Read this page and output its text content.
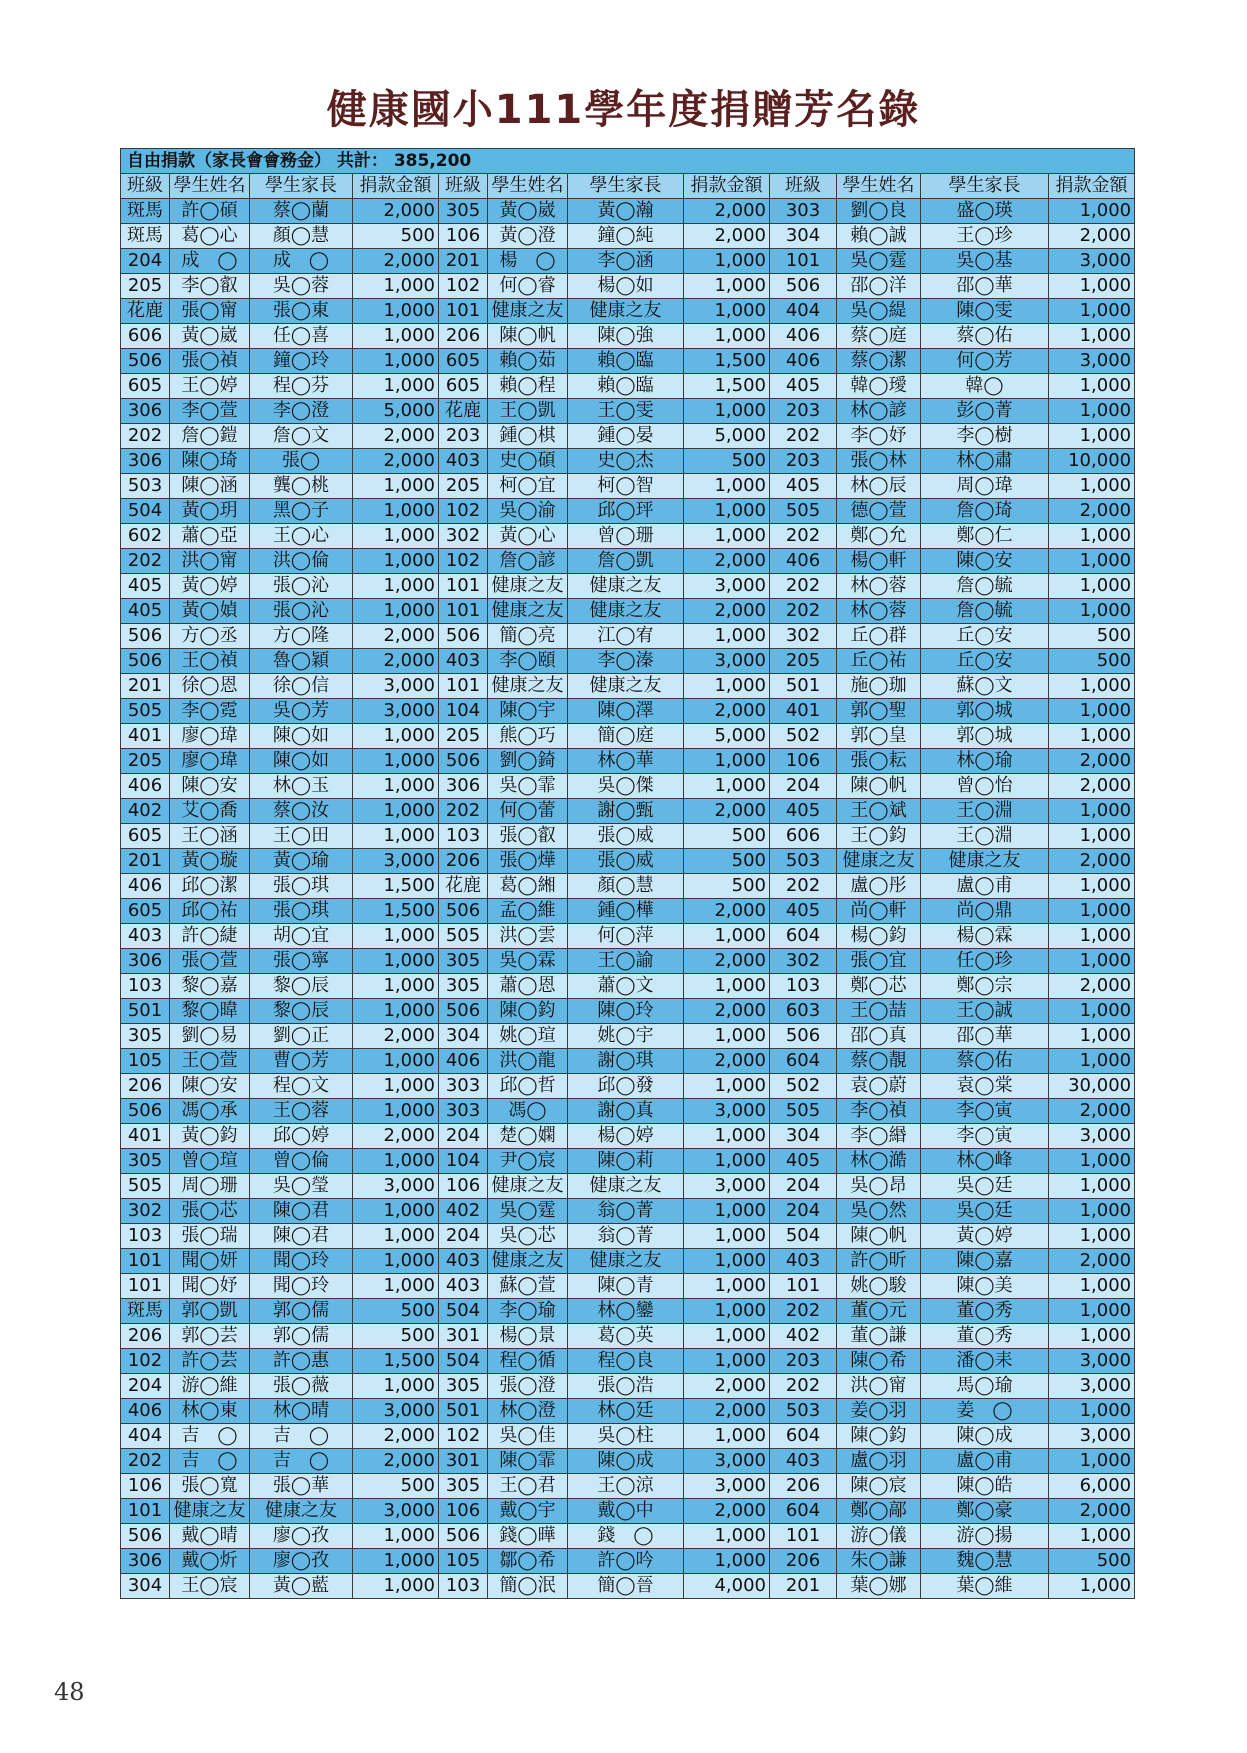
健康國小111學年度捐贈芳名錄
自由捐款（家長會會務金） 共計： 385,200											
班級	學生姓名	學生家長	捐款金額	班級	學生姓名	學生家長	捐款金額	班級	學生姓名	學生家長	捐款金額
斑馬	許◯碩	蔡◯蘭	2,000	305	黃◯崴	黃◯瀚	2,000	303	劉◯良	盛◯瑛	1,000
斑馬	葛◯心	顏◯慧	500	106	黃◯澄	鐘◯純	2,000	304	賴◯誠	王◯珍	2,000
204	成　◯	成　◯	2,000	201	楊　◯	李◯涵	1,000	101	吳◯霆	吳◯基	3,000
205	李◯叡	吳◯蓉	1,000	102	何◯睿	楊◯如	1,000	506	邵◯洋	邵◯華	1,000
花鹿	張◯甯	張◯東	1,000	101	健康之友	健康之友	1,000	404	吳◯緹	陳◯雯	1,000
606	黃◯崴	任◯喜	1,000	206	陳◯帆	陳◯強	1,000	406	蔡◯庭	蔡◯佑	1,000
506	張◯禎	鐘◯玲	1,000	605	賴◯茹	賴◯臨	1,500	406	蔡◯潔	何◯芳	3,000
605	王◯婷	程◯芬	1,000	605	賴◯程	賴◯臨	1,500	405	韓◯璦	韓◯	1,000
306	李◯萱	李◯澄	5,000	花鹿	王◯凱	王◯雯	1,000	203	林◯諺	彭◯菁	1,000
202	詹◯鎧	詹◯文	2,000	203	鍾◯棋	鍾◯晏	5,000	202	李◯妤	李◯樹	1,000
306	陳◯琦	張◯	2,000	403	史◯碩	史◯杰	500	203	張◯林	林◯肅	10,000
503	陳◯涵	龔◯桃	1,000	205	柯◯宜	柯◯智	1,000	405	林◯辰	周◯瑋	1,000
504	黃◯玥	黑◯子	1,000	102	吳◯渝	邱◯玶	1,000	505	德◯萱	詹◯琦	2,000
602	蕭◯亞	王◯心	1,000	302	黃◯心	曾◯珊	1,000	202	鄭◯允	鄭◯仁	1,000
202	洪◯甯	洪◯倫	1,000	102	詹◯諺	詹◯凱	2,000	406	楊◯軒	陳◯安	1,000
405	黃◯婷	張◯沁	1,000	101	健康之友	健康之友	3,000	202	林◯蓉	詹◯毓	1,000
405	黃◯媜	張◯沁	1,000	101	健康之友	健康之友	2,000	202	林◯蓉	詹◯毓	1,000
506	方◯丞	方◯隆	2,000	506	簡◯亮	江◯宥	1,000	302	丘◯群	丘◯安	500
506	王◯禎	魯◯穎	2,000	403	李◯頤	李◯溱	3,000	205	丘◯祐	丘◯安	500
201	徐◯恩	徐◯信	3,000	101	健康之友	健康之友	1,000	501	施◯珈	蘇◯文	1,000
505	李◯霓	吳◯芳	3,000	104	陳◯宇	陳◯澤	2,000	401	郭◯聖	郭◯城	1,000
401	廖◯瑋	陳◯如	1,000	205	熊◯巧	簡◯庭	5,000	502	郭◯皇	郭◯城	1,000
205	廖◯瑋	陳◯如	1,000	506	劉◯錡	林◯華	1,000	106	張◯耘	林◯瑜	2,000
406	陳◯安	林◯玉	1,000	306	吳◯霏	吳◯傑	1,000	204	陳◯帆	曾◯怡	2,000
402	艾◯喬	蔡◯汝	1,000	202	何◯蕾	謝◯甄	2,000	405	王◯斌	王◯淵	1,000
605	王◯涵	王◯田	1,000	103	張◯叡	張◯威	500	606	王◯鈞	王◯淵	1,000
201	黃◯璇	黃◯瑜	3,000	206	張◯燁	張◯威	500	503	健康之友	健康之友	2,000
406	邱◯潔	張◯琪	1,500	花鹿	葛◯緗	顏◯慧	500	202	盧◯彤	盧◯甫	1,000
605	邱◯祐	張◯琪	1,500	506	孟◯維	鍾◯樺	2,000	405	尚◯軒	尚◯鼎	1,000
403	許◯緁	胡◯宜	1,000	505	洪◯雲	何◯萍	1,000	604	楊◯鈞	楊◯霖	1,000
306	張◯萱	張◯寧	1,000	305	吳◯霖	王◯諭	2,000	302	張◯宜	任◯珍	1,000
103	黎◯嘉	黎◯辰	1,000	305	蕭◯恩	蕭◯文	1,000	103	鄭◯芯	鄭◯宗	2,000
501	黎◯暐	黎◯辰	1,000	506	陳◯鈞	陳◯玲	2,000	603	王◯喆	王◯誠	1,000
305	劉◯易	劉◯正	2,000	304	姚◯瑄	姚◯宇	1,000	506	邵◯真	邵◯華	1,000
105	王◯萱	曹◯芳	1,000	406	洪◯龍	謝◯琪	2,000	604	蔡◯靚	蔡◯佑	1,000
206	陳◯安	程◯文	1,000	303	邱◯哲	邱◯發	1,000	502	袁◯蔚	袁◯棠	30,000
506	馮◯承	王◯蓉	1,000	303	馮◯	謝◯真	3,000	505	李◯禎	李◯寅	2,000
401	黃◯鈞	邱◯婷	2,000	204	楚◯嫻	楊◯婷	1,000	304	李◯緡	李◯寅	3,000
305	曾◯瑄	曾◯倫	1,000	104	尹◯宸	陳◯莉	1,000	405	林◯澔	林◯峰	1,000
505	周◯珊	吳◯瑩	3,000	106	健康之友	健康之友	3,000	204	吳◯昂	吳◯廷	1,000
302	張◯芯	陳◯君	1,000	402	吳◯霆	翁◯菁	1,000	204	吳◯然	吳◯廷	1,000
103	張◯瑞	陳◯君	1,000	204	吳◯芯	翁◯菁	1,000	504	陳◯帆	黃◯婷	1,000
101	聞◯妍	聞◯玲	1,000	403	健康之友	健康之友	1,000	403	許◯昕	陳◯嘉	2,000
101	聞◯妤	聞◯玲	1,000	403	蘇◯萱	陳◯青	1,000	101	姚◯駿	陳◯美	1,000
斑馬	郭◯凱	郭◯儒	500	504	李◯瑜	林◯鑾	1,000	202	董◯元	董◯秀	1,000
206	郭◯芸	郭◯儒	500	301	楊◯景	葛◯英	1,000	402	董◯謙	董◯秀	1,000
102	許◯芸	許◯惠	1,500	504	程◯循	程◯良	1,000	203	陳◯希	潘◯耒	3,000
204	游◯維	張◯薇	1,000	305	張◯澄	張◯浩	2,000	202	洪◯甯	馬◯瑜	3,000
406	林◯東	林◯晴	3,000	501	林◯澄	林◯廷	2,000	503	姜◯羽	姜　◯	1,000
404	吉　◯	吉　◯	2,000	102	吳◯佳	吳◯柱	1,000	604	陳◯鈞	陳◯成	3,000
202	吉　◯	吉　◯	2,000	301	陳◯霏	陳◯成	3,000	403	盧◯羽	盧◯甫	1,000
106	張◯寬	張◯華	500	305	王◯君	王◯涼	3,000	206	陳◯宸	陳◯皓	6,000
101	健康之友	健康之友	3,000	106	戴◯宇	戴◯中	2,000	604	鄭◯鄗	鄭◯豪	2,000
506	戴◯晴	廖◯孜	1,000	506	錢◯曄	錢　◯	1,000	101	游◯儀	游◯揚	1,000
306	戴◯炘	廖◯孜	1,000	105	鄒◯希	許◯吟	1,000	206	朱◯謙	魏◯慧	500
304	王◯宸	黃◯藍	1,000	103	簡◯泯	簡◯晉	4,000	201	葉◯娜	葉◯維	1,000
48
